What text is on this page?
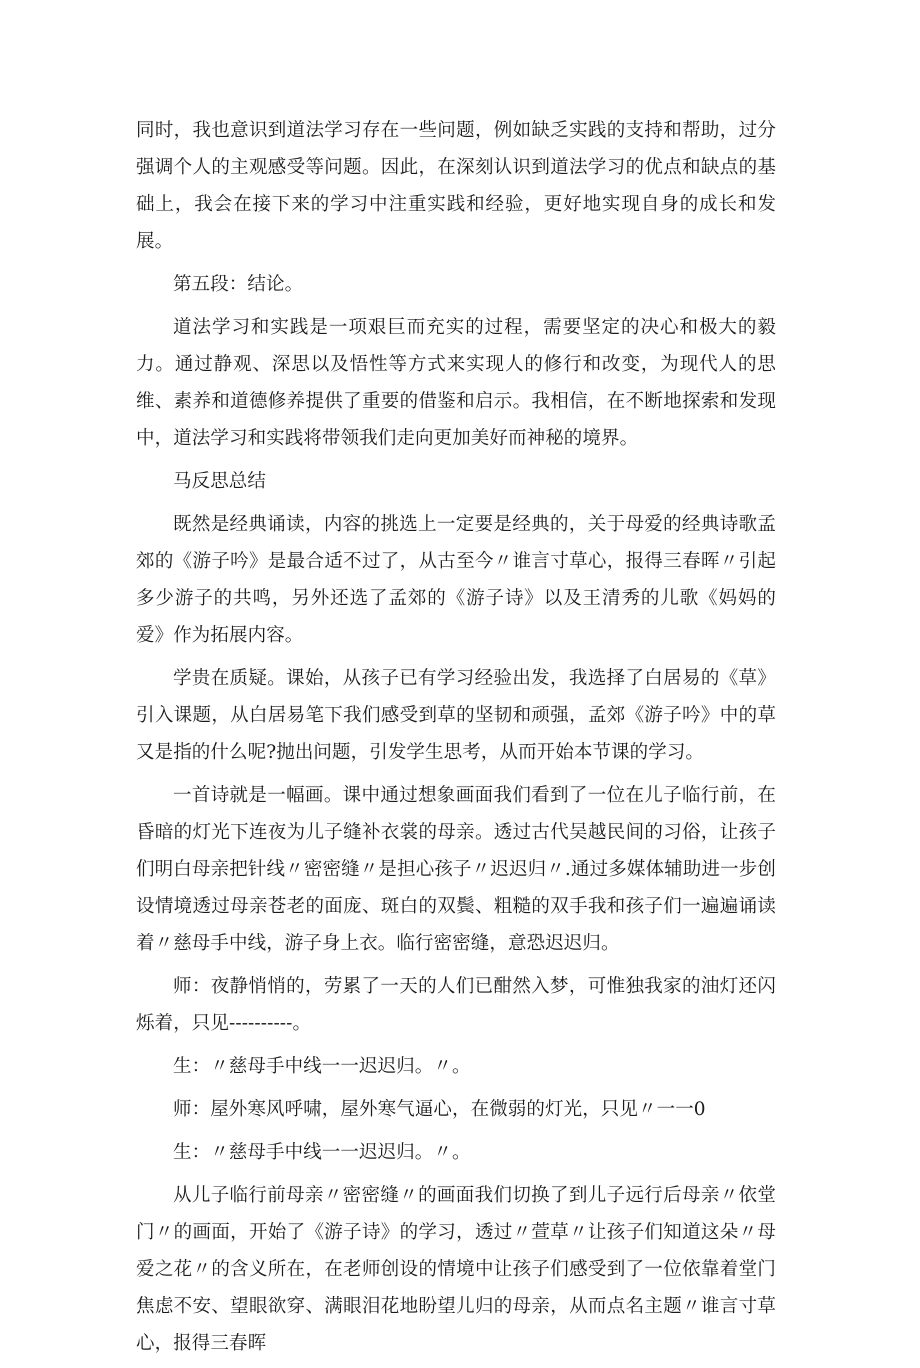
同时，我也意识到道法学习存在一些问题，例如缺乏实践的支持和帮助，过分强调个人的主观感受等问题。因此，在深刻认识到道法学习的优点和缺点的基础上，我会在接下来的学习中注重实践和经验，更好地实现自身的成长和发展。

第五段：结论。

道法学习和实践是一项艰巨而充实的过程，需要坚定的决心和极大的毅力。通过静观、深思以及悟性等方式来实现人的修行和改变，为现代人的思维、素养和道德修养提供了重要的借鉴和启示。我相信，在不断地探索和发现中，道法学习和实践将带领我们走向更加美好而神秘的境界。

马反思总结

既然是经典诵读，内容的挑选上一定要是经典的，关于母爱的经典诗歌孟郊的《游子吟》是最合适不过了，从古至今〃谁言寸草心，报得三春晖〃引起多少游子的共鸣，另外还选了孟郊的《游子诗》以及王清秀的儿歌《妈妈的爱》作为拓展内容。

学贵在质疑。课始，从孩子已有学习经验出发，我选择了白居易的《草》引入课题，从白居易笔下我们感受到草的坚韧和顽强，孟郊《游子吟》中的草又是指的什么呢?抛出问题，引发学生思考，从而开始本节课的学习。

一首诗就是一幅画。课中通过想象画面我们看到了一位在儿子临行前，在昏暗的灯光下连夜为儿子缝补衣裳的母亲。透过古代吴越民间的习俗，让孩子们明白母亲把针线〃密密缝〃是担心孩子〃迟迟归〃.通过多媒体辅助进一步创设情境透过母亲苍老的面庞、斑白的双鬓、粗糙的双手我和孩子们一遍遍诵读着〃慈母手中线，游子身上衣。临行密密缝，意恐迟迟归。

师：夜静悄悄的，劳累了一天的人们已酣然入梦，可惟独我家的油灯还闪烁着，只见----------。

生：〃慈母手中线一一迟迟归。〃。

师：屋外寒风呼啸，屋外寒气逼心，在微弱的灯光，只见〃一一0

生：〃慈母手中线一一迟迟归。〃。

从儿子临行前母亲〃密密缝〃的画面我们切换了到儿子远行后母亲〃依堂门〃的画面，开始了《游子诗》的学习，透过〃萱草〃让孩子们知道这朵〃母爱之花〃的含义所在，在老师创设的情境中让孩子们感受到了一位依靠着堂门焦虑不安、望眼欲穿、满眼泪花地盼望儿归的母亲，从而点名主题〃谁言寸草心，报得三春晖
